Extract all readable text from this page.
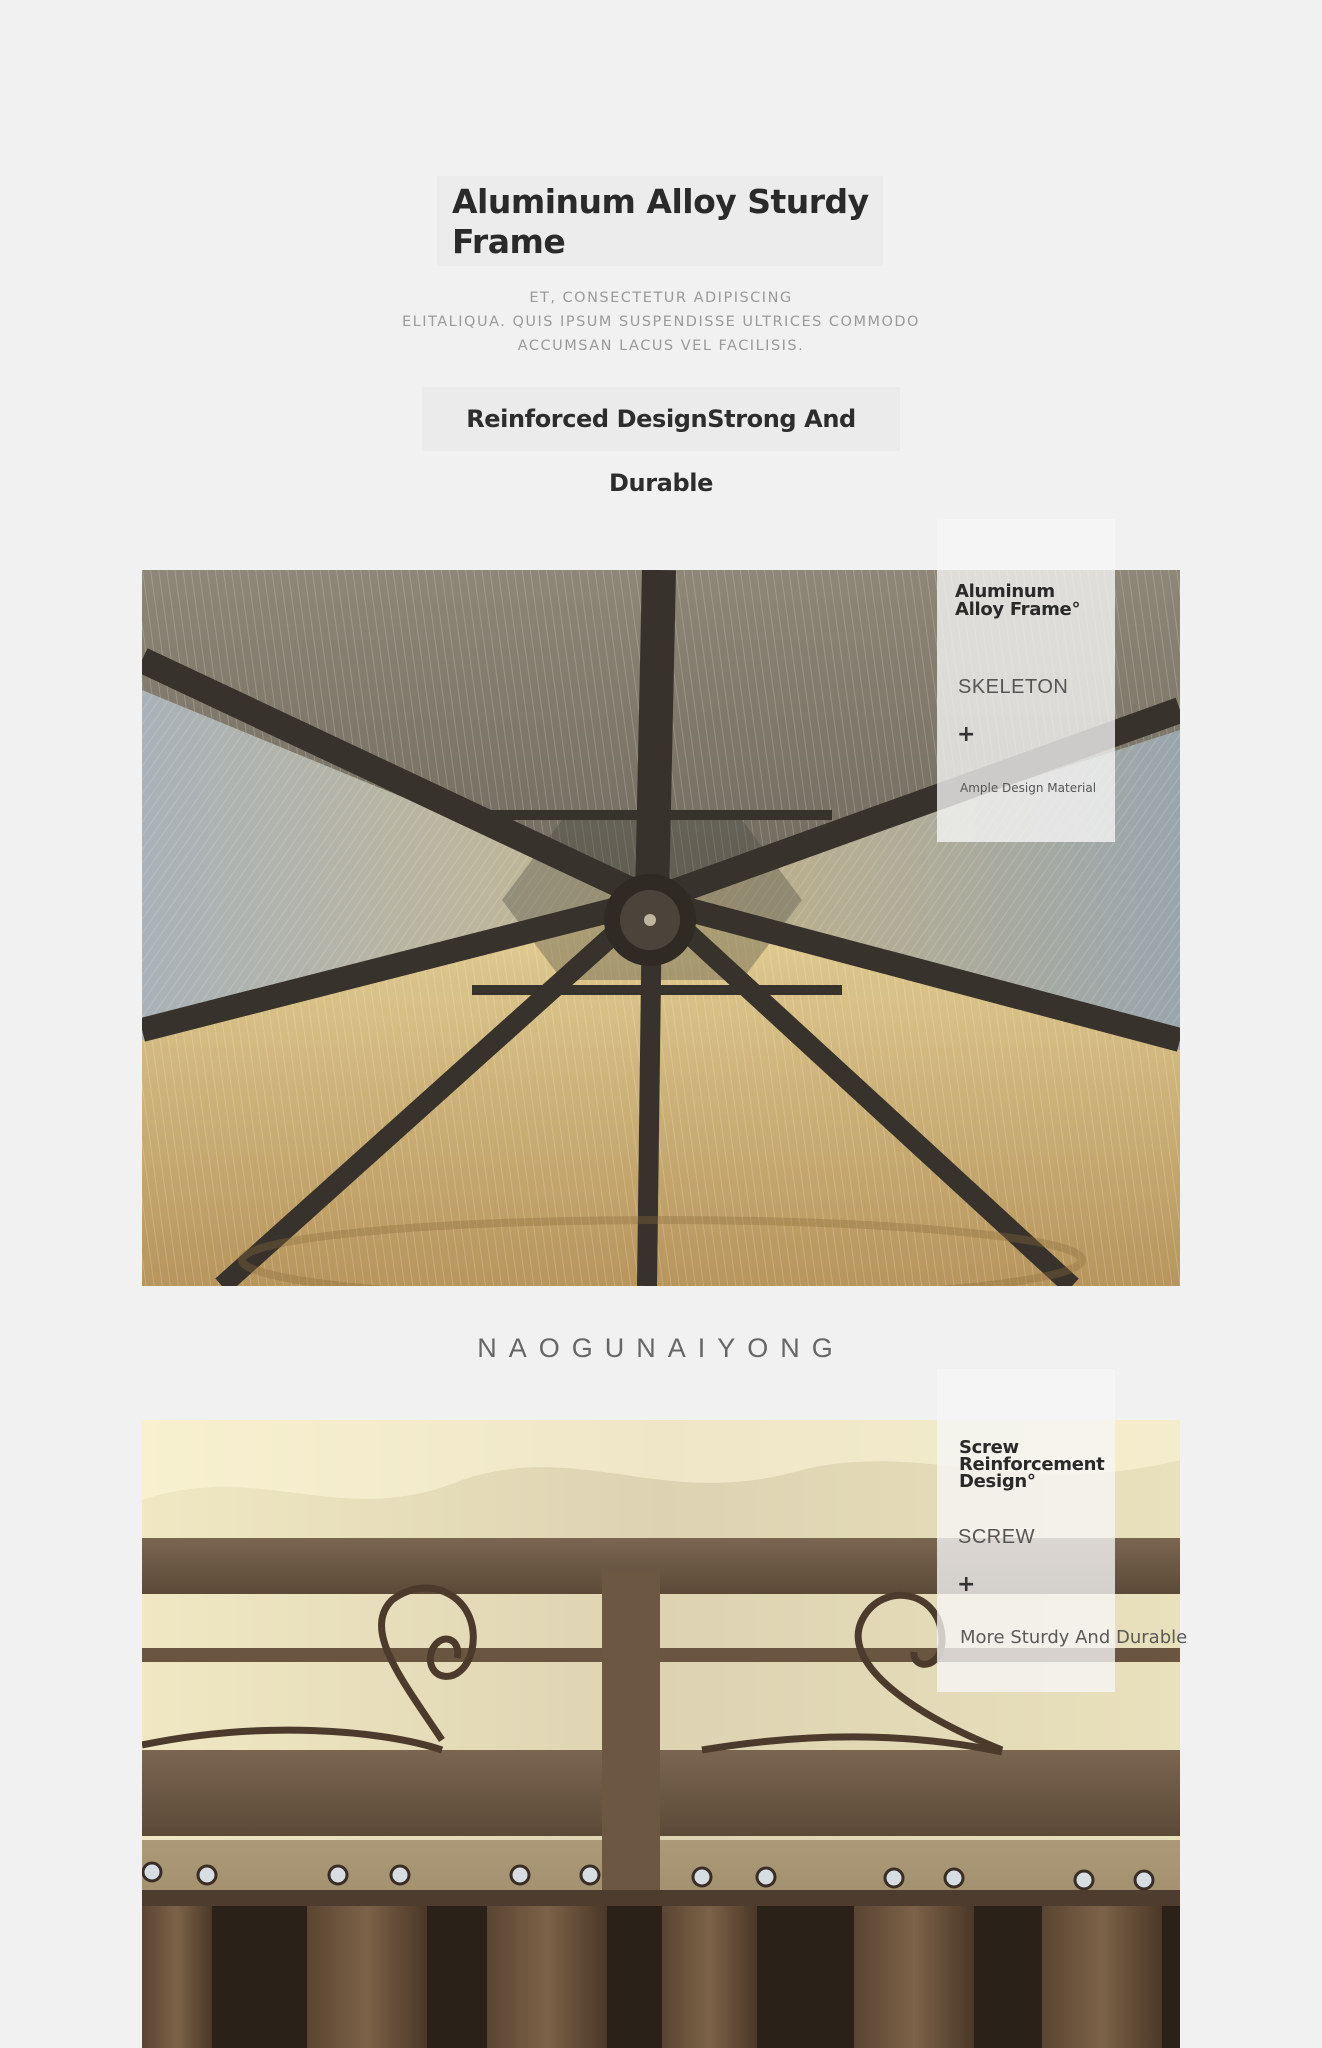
Aluminum Alloy Sturdy Frame
ET, CONSECTETUR ADIPISCING
ELITALIQUA. QUIS IPSUM SUSPENDISSE ULTRICES COMMODO
ACCUMSAN LACUS VEL FACILISIS.
Reinforced DesignStrong And Durable
Aluminum Alloy Frame°
SKELETON
+
Ample Design Material
NAOGUNAIYONG
Screw Reinforcement Design°
SCREW
+
More Sturdy And Durable
